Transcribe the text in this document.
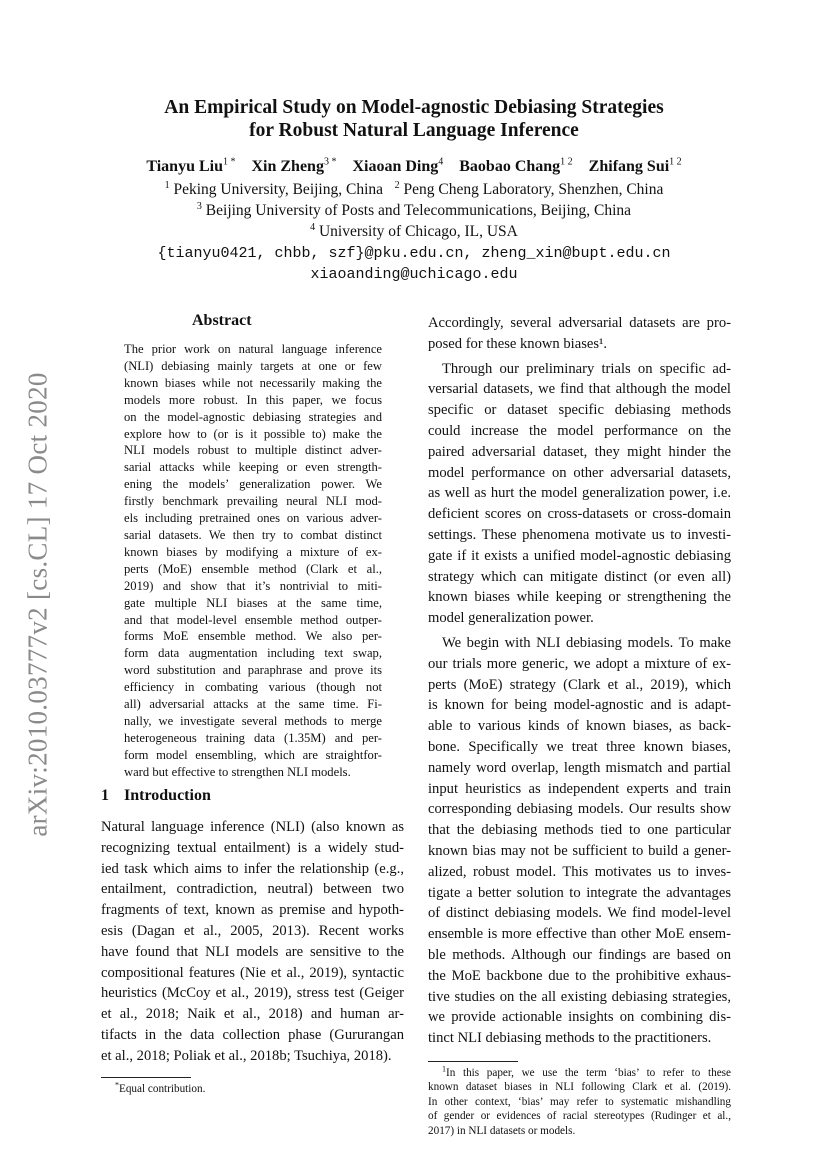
arXiv:2010.03777v2 [cs.CL] 17 Oct 2020
An Empirical Study on Model-agnostic Debiasing Strategies
for Robust Natural Language Inference
Tianyu Liu$^{1 *}$ Xin Zheng$^{3 *}$ Xiaoan Ding$^4$ Baobao Chang$^{1 2}$ Zhifang Sui$^{1 2}$
$^1$ Peking University, Beijing, China $^2$ Peng Cheng Laboratory, Shenzhen, China
$^3$ Beijing University of Posts and Telecommunications, Beijing, China
$^4$ University of Chicago, IL, USA
{tianyu0421, chbb, szf}@pku.edu.cn, zheng_xin@bupt.edu.cn
xiaoanding@uchicago.edu
Abstract
The prior work on natural language inference
(NLI) debiasing mainly targets at one or few
known biases while not necessarily making the
models more robust. In this paper, we focus
on the model-agnostic debiasing strategies and
explore how to (or is it possible to) make the
NLI models robust to multiple distinct adver-
sarial attacks while keeping or even strength-
ening the models’ generalization power. We
firstly benchmark prevailing neural NLI mod-
els including pretrained ones on various adver-
sarial datasets. We then try to combat distinct
known biases by modifying a mixture of ex-
perts (MoE) ensemble method (Clark et al.,
2019) and show that it’s nontrivial to miti-
gate multiple NLI biases at the same time,
and that model-level ensemble method outper-
forms MoE ensemble method. We also per-
form data augmentation including text swap,
word substitution and paraphrase and prove its
efficiency in combating various (though not
all) adversarial attacks at the same time. Fi-
nally, we investigate several methods to merge
heterogeneous training data (1.35M) and per-
form model ensembling, which are straightfor-
ward but effective to strengthen NLI models.
1 Introduction
Natural language inference (NLI) (also known as
recognizing textual entailment) is a widely stud-
ied task which aims to infer the relationship (e.g.,
entailment, contradiction, neutral) between two
fragments of text, known as premise and hypoth-
esis (Dagan et al., 2005, 2013). Recent works
have found that NLI models are sensitive to the
compositional features (Nie et al., 2019), syntactic
heuristics (McCoy et al., 2019), stress test (Geiger
et al., 2018; Naik et al., 2018) and human ar-
tifacts in the data collection phase (Gururangan
et al., 2018; Poliak et al., 2018b; Tsuchiya, 2018).
*Equal contribution.
Accordingly, several adversarial datasets are pro-
posed for these known biases¹.
Through our preliminary trials on specific ad-
versarial datasets, we find that although the model
specific or dataset specific debiasing methods
could increase the model performance on the
paired adversarial dataset, they might hinder the
model performance on other adversarial datasets,
as well as hurt the model generalization power, i.e.
deficient scores on cross-datasets or cross-domain
settings. These phenomena motivate us to investi-
gate if it exists a unified model-agnostic debiasing
strategy which can mitigate distinct (or even all)
known biases while keeping or strengthening the
model generalization power.
We begin with NLI debiasing models. To make
our trials more generic, we adopt a mixture of ex-
perts (MoE) strategy (Clark et al., 2019), which
is known for being model-agnostic and is adapt-
able to various kinds of known biases, as back-
bone. Specifically we treat three known biases,
namely word overlap, length mismatch and partial
input heuristics as independent experts and train
corresponding debiasing models. Our results show
that the debiasing methods tied to one particular
known bias may not be sufficient to build a gener-
alized, robust model. This motivates us to inves-
tigate a better solution to integrate the advantages
of distinct debiasing models. We find model-level
ensemble is more effective than other MoE ensem-
ble methods. Although our findings are based on
the MoE backbone due to the prohibitive exhaus-
tive studies on the all existing debiasing strategies,
we provide actionable insights on combining dis-
tinct NLI debiasing methods to the practitioners.
$^1$In this paper, we use the term ‘bias’ to refer to these
known dataset biases in NLI following Clark et al. (2019).
In other context, ‘bias’ may refer to systematic mishandling
of gender or evidences of racial stereotypes (Rudinger et al.,
2017) in NLI datasets or models.
